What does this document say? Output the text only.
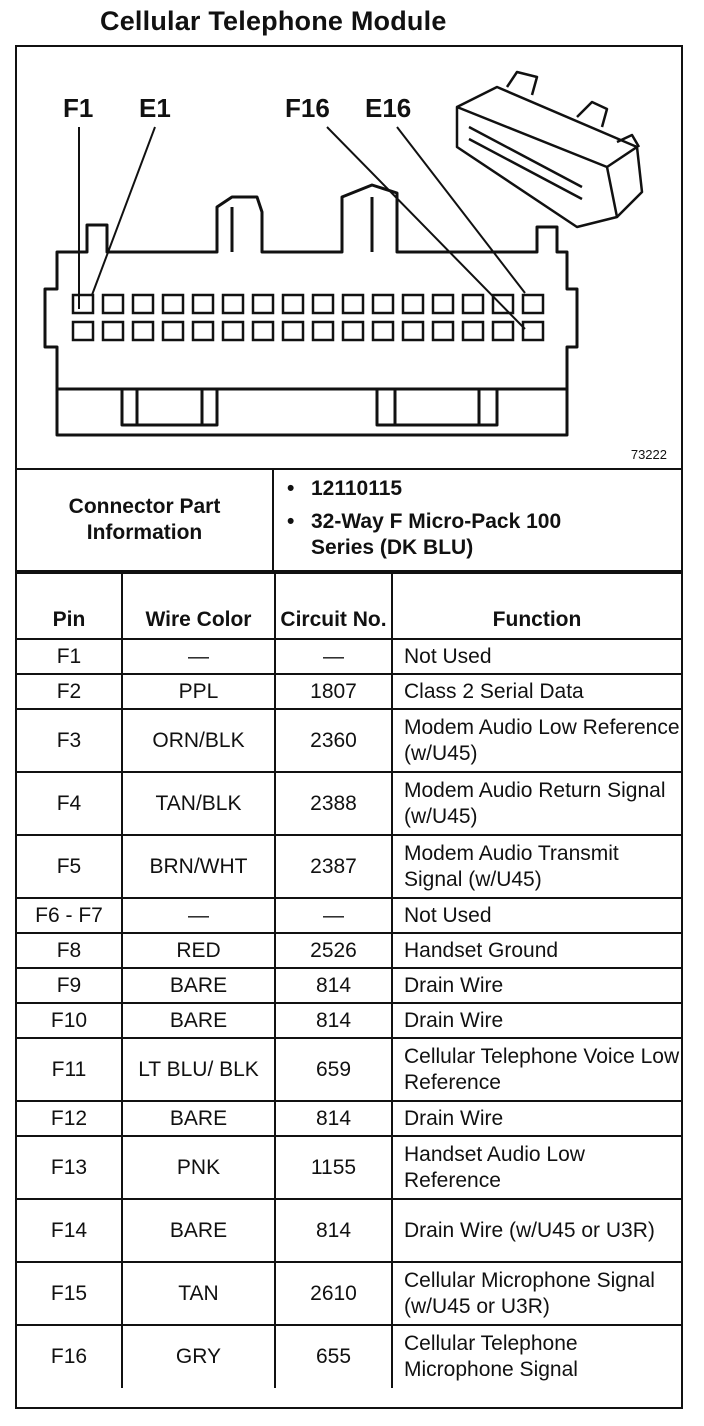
Cellular Telephone Module
F1 E1	F16 E16
73222
Connector Part Information
• 12110115
• 32-Way F Micro-Pack 100 Series (DK BLU)
Pin	Wire Color	Circuit No.	Function
F1	—	—	Not Used
F2	PPL	1807	Class 2 Serial Data
F3	ORN/BLK	2360	Modem Audio Low Reference (w/U45)
F4	TAN/BLK	2388	Modem Audio Return Signal (w/U45)
F5	BRN/WHT	2387	Modem Audio Transmit Signal (w/U45)
F6 - F7	—	—	Not Used
F8	RED	2526	Handset Ground
F9	BARE	814	Drain Wire
F10	BARE	814	Drain Wire
F11	LT BLU/ BLK	659	Cellular Telephone Voice Low Reference
F12	BARE	814	Drain Wire
F13	PNK	1155	Handset Audio Low Reference
F14	BARE	814	Drain Wire (w/U45 or U3R)
F15	TAN	2610	Cellular Microphone Signal (w/U45 or U3R)
F16	GRY	655	Cellular Telephone Microphone Signal
